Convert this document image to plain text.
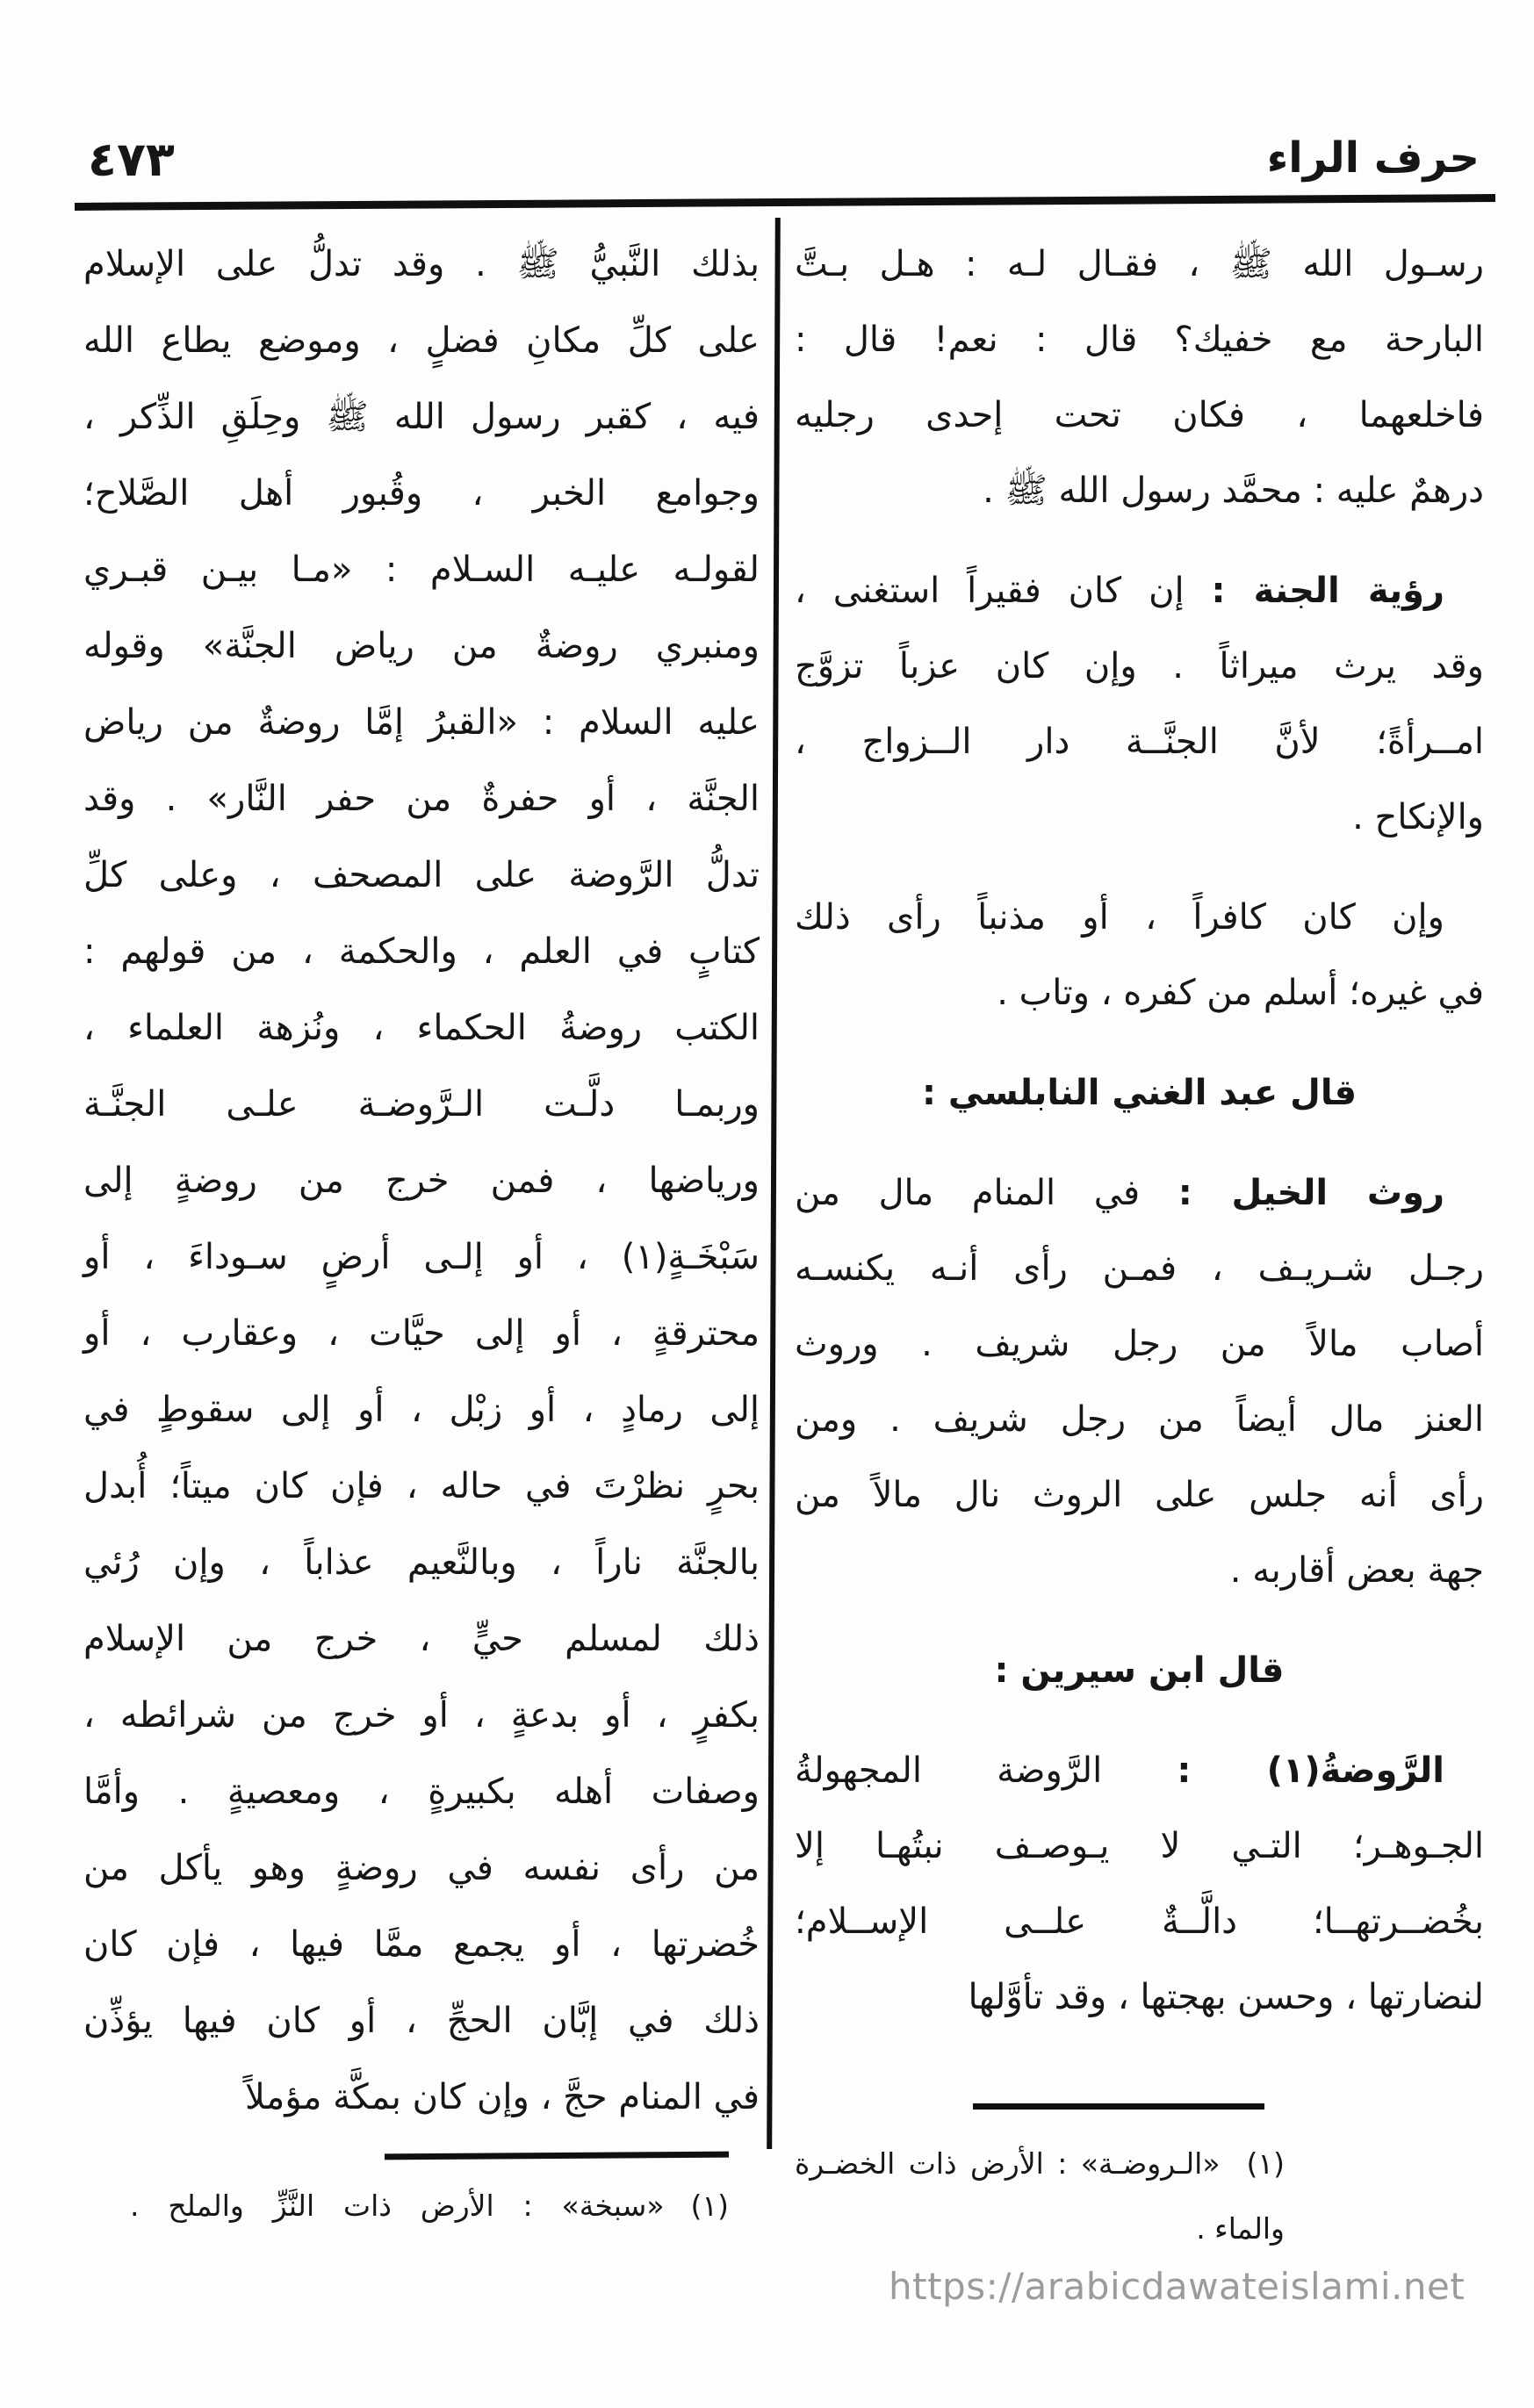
٤٧٣	حرف الراء
رسـول الله ﷺ ، فقـال لـه : هـل بـتَّ
البارحة مع خفيك؟ قال : نعم! قال :
فاخلعهما ، فكان تحت إحدى رجليه
درهمٌ عليه : محمَّد رسول الله ﷺ .
رؤية الجنة : إن كان فقيراً استغنى ،
وقد يرث ميراثاً . وإن كان عزباً تزوَّج
امــرأةً؛ لأنَّ الجنَّــة دار الــزواج ،
والإنكاح .
وإن كان كافراً ، أو مذنباً رأى ذلك
في غيره؛ أسلم من كفره ، وتاب .
قال عبد الغني النابلسي :
روث الخيل : في المنام مال من
رجـل شـريـف ، فمـن رأى أنـه يكنسـه
أصاب مالاً من رجل شريف . وروث
العنز مال أيضاً من رجل شريف . ومن
رأى أنه جلس على الروث نال مالاً من
جهة بعض أقاربه .
قال ابن سيرين :
الرَّوضةُ(١) : الرَّوضة المجهولةُ
الجـوهـر؛ التـي لا يـوصـف نبتُهـا إلا
بخُضــرتهــا؛ دالَّــةٌ علــى الإســلام؛
لنضارتها ، وحسن بهجتها ، وقد تأوَّلها
بذلك النَّبيُّ ﷺ . وقد تدلُّ على الإسلام
على كلِّ مكانِ فضلٍ ، وموضع يطاع الله
فيه ، كقبر رسول الله ﷺ وحِلَقِ الذِّكر ،
وجوامع الخبر ، وقُبور أهل الصَّلاح؛
لقولـه عليـه السـلام : «مـا بيـن قبـري
ومنبري روضةٌ من رياض الجنَّة» وقوله
عليه السلام : «القبرُ إمَّا روضةٌ من رياض
الجنَّة ، أو حفرةٌ من حفر النَّار» . وقد
تدلُّ الرَّوضة على المصحف ، وعلى كلِّ
كتابٍ في العلم ، والحكمة ، من قولهم :
الكتب روضةُ الحكماء ، ونُزهة العلماء ،
وربمـا دلَّـت الـرَّوضـة علـى الجنَّـة
ورياضها ، فمن خرج من روضةٍ إلى
سَبْخَـةٍ(١) ، أو إلـى أرضٍ سـوداءَ ، أو
محترقةٍ ، أو إلى حيَّات ، وعقارب ، أو
إلى رمادٍ ، أو زبْل ، أو إلى سقوطٍ في
بحرٍ نظرْتَ في حاله ، فإن كان ميتاً؛ أُبدل
بالجنَّة ناراً ، وبالنَّعيم عذاباً ، وإن رُئي
ذلك لمسلم حيٍّ ، خرج من الإسلام
بكفرٍ ، أو بدعةٍ ، أو خرج من شرائطه ،
وصفات أهله بكبيرةٍ ، ومعصيةٍ . وأمَّا
من رأى نفسه في روضةٍ وهو يأكل من
خُضرتها ، أو يجمع ممَّا فيها ، فإن كان
ذلك في إبَّان الحجِّ ، أو كان فيها يؤذِّن
في المنام حجَّ ، وإن كان بمكَّة مؤملاً
(١)«الـروضـة» : الأرض ذات الخضـرة
والماء .
(١)«سبخة» : الأرض ذات النَّزِّ والملح .
https://arabicdawateislami.net
